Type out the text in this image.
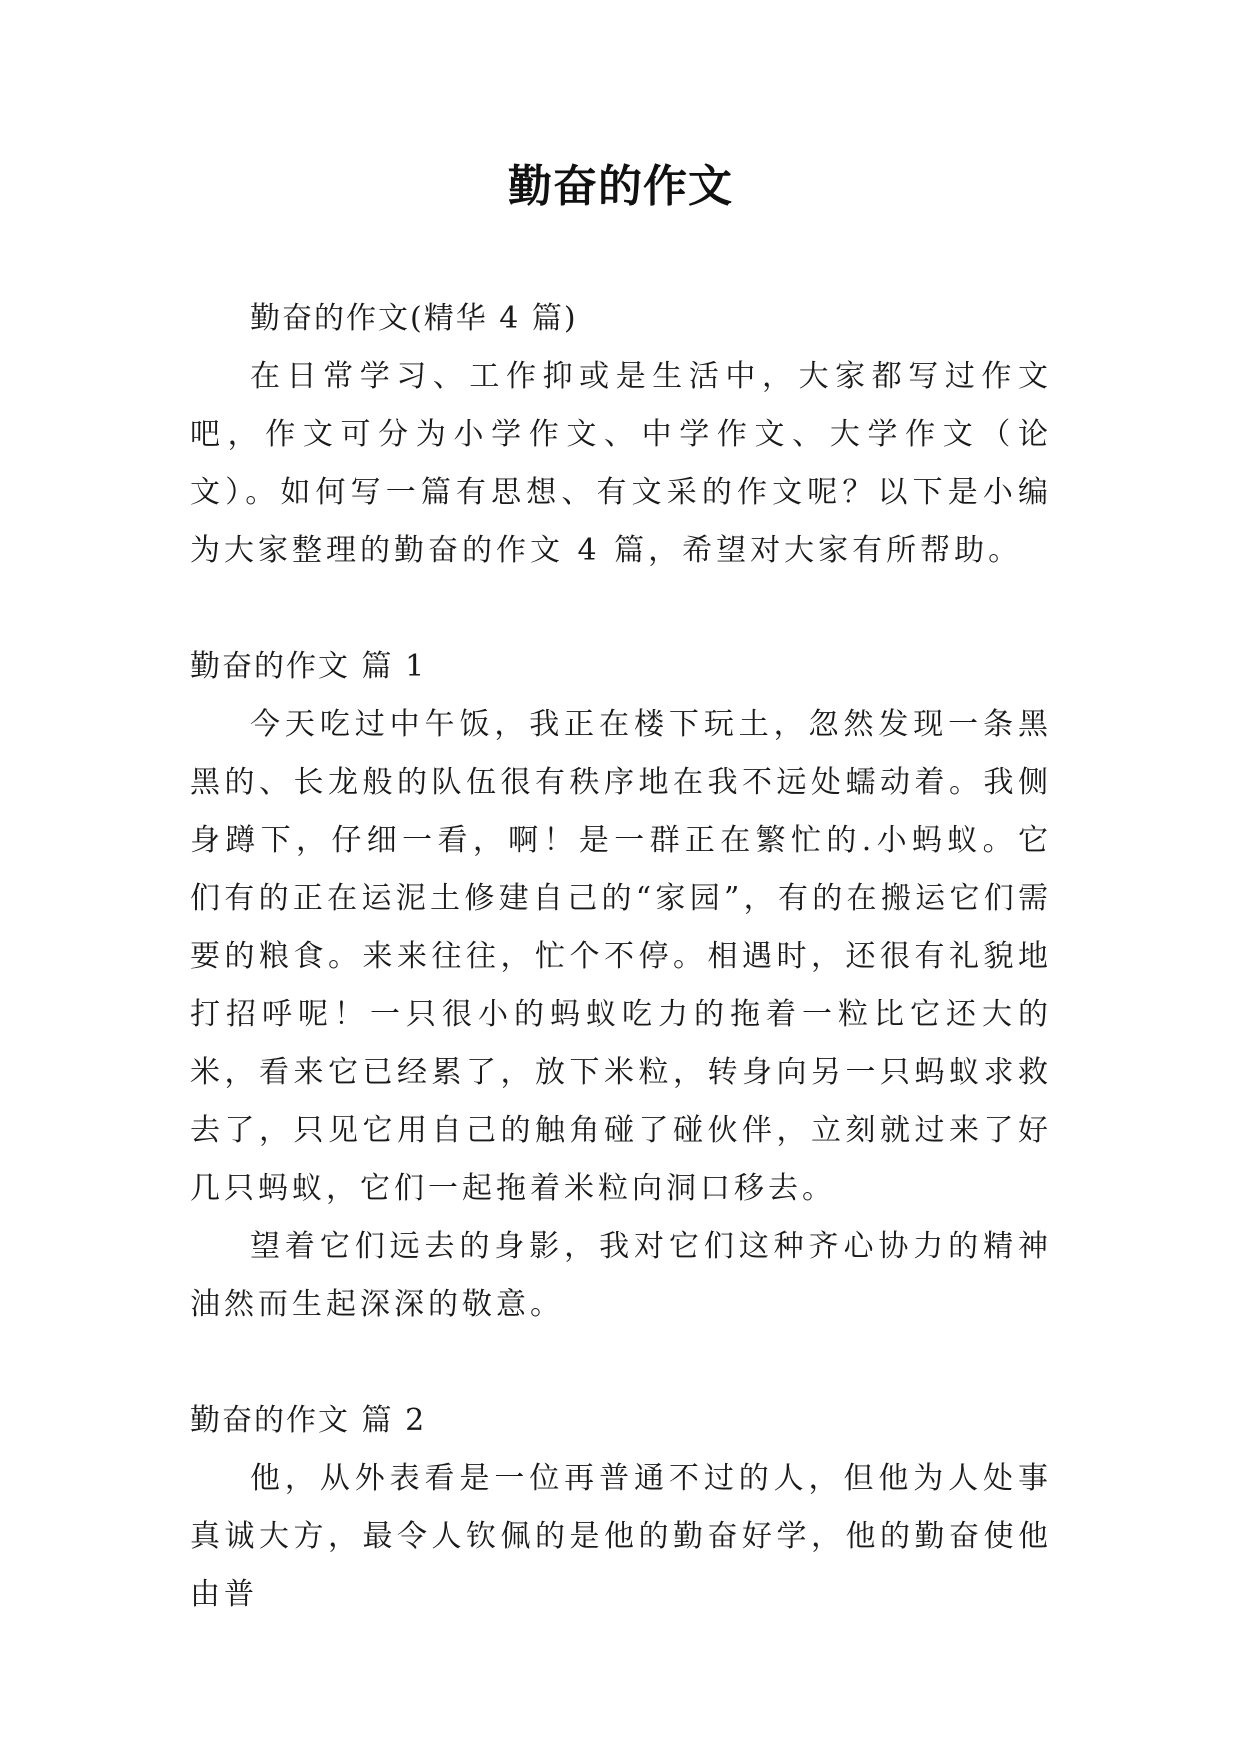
勤奋的作文

勤奋的作文(精华 4 篇)

在日常学习、工作抑或是生活中，大家都写过作文吧，作文可分为小学作文、中学作文、大学作文（论文）。如何写一篇有思想、有文采的作文呢？以下是小编为大家整理的勤奋的作文 4 篇，希望对大家有所帮助。

勤奋的作文 篇 1

今天吃过中午饭，我正在楼下玩土，忽然发现一条黑黑的、长龙般的队伍很有秩序地在我不远处蠕动着。我侧身蹲下，仔细一看，啊！是一群正在繁忙的.小蚂蚁。它们有的正在运泥土修建自己的“家园”，有的在搬运它们需要的粮食。来来往往，忙个不停。相遇时，还很有礼貌地打招呼呢！一只很小的蚂蚁吃力的拖着一粒比它还大的米，看来它已经累了，放下米粒，转身向另一只蚂蚁求救去了，只见它用自己的触角碰了碰伙伴，立刻就过来了好几只蚂蚁，它们一起拖着米粒向洞口移去。

望着它们远去的身影，我对它们这种齐心协力的精神油然而生起深深的敬意。

勤奋的作文 篇 2

他，从外表看是一位再普通不过的人，但他为人处事真诚大方，最令人钦佩的是他的勤奋好学，他的勤奋使他由普
